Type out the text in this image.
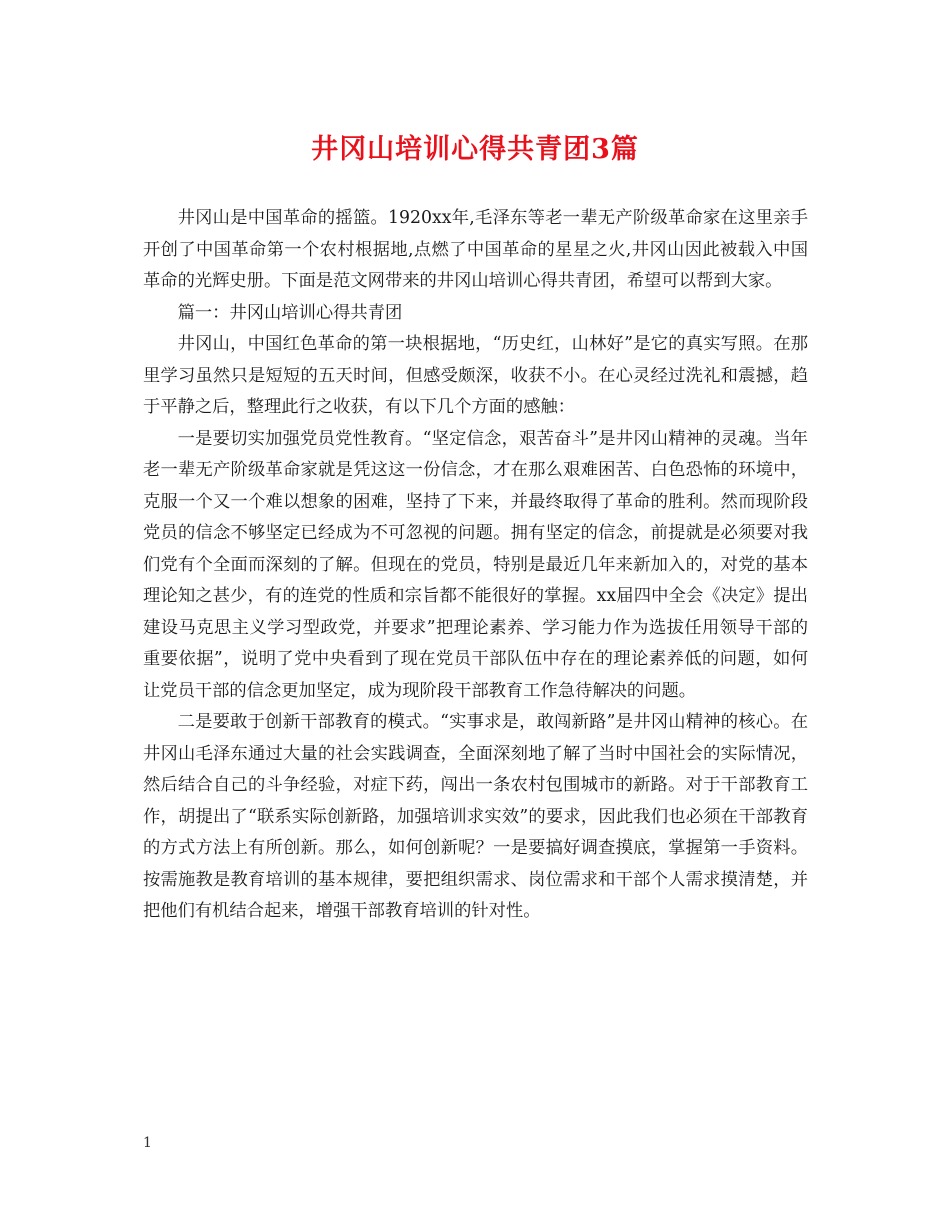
井冈山培训心得共青团3篇

井冈山是中国革命的摇篮。1920xx年,毛泽东等老一辈无产阶级革命家在这里亲手开创了中国革命第一个农村根据地,点燃了中国革命的星星之火,井冈山因此被载入中国革命的光辉史册。下面是范文网带来的井冈山培训心得共青团，希望可以帮到大家。

篇一：井冈山培训心得共青团

井冈山，中国红色革命的第一块根据地，“历史红，山林好”是它的真实写照。在那里学习虽然只是短短的五天时间，但感受颇深，收获不小。在心灵经过洗礼和震撼，趋于平静之后，整理此行之收获，有以下几个方面的感触：

一是要切实加强党员党性教育。“坚定信念，艰苦奋斗”是井冈山精神的灵魂。当年老一辈无产阶级革命家就是凭这这一份信念，才在那么艰难困苦、白色恐怖的环境中，克服一个又一个难以想象的困难，坚持了下来，并最终取得了革命的胜利。然而现阶段党员的信念不够坚定已经成为不可忽视的问题。拥有坚定的信念，前提就是必须要对我们党有个全面而深刻的了解。但现在的党员，特别是最近几年来新加入的，对党的基本理论知之甚少，有的连党的性质和宗旨都不能很好的掌握。xx届四中全会《决定》提出建设马克思主义学习型政党，并要求”把理论素养、学习能力作为选拔任用领导干部的重要依据”，说明了党中央看到了现在党员干部队伍中存在的理论素养低的问题，如何让党员干部的信念更加坚定，成为现阶段干部教育工作急待解决的问题。

二是要敢于创新干部教育的模式。“实事求是，敢闯新路”是井冈山精神的核心。在井冈山毛泽东通过大量的社会实践调查，全面深刻地了解了当时中国社会的实际情况，然后结合自己的斗争经验，对症下药，闯出一条农村包围城市的新路。对于干部教育工作，胡提出了“联系实际创新路，加强培训求实效”的要求，因此我们也必须在干部教育的方式方法上有所创新。那么，如何创新呢？一是要搞好调查摸底，掌握第一手资料。按需施教是教育培训的基本规律，要把组织需求、岗位需求和干部个人需求摸清楚，并把他们有机结合起来，增强干部教育培训的针对性。

1
